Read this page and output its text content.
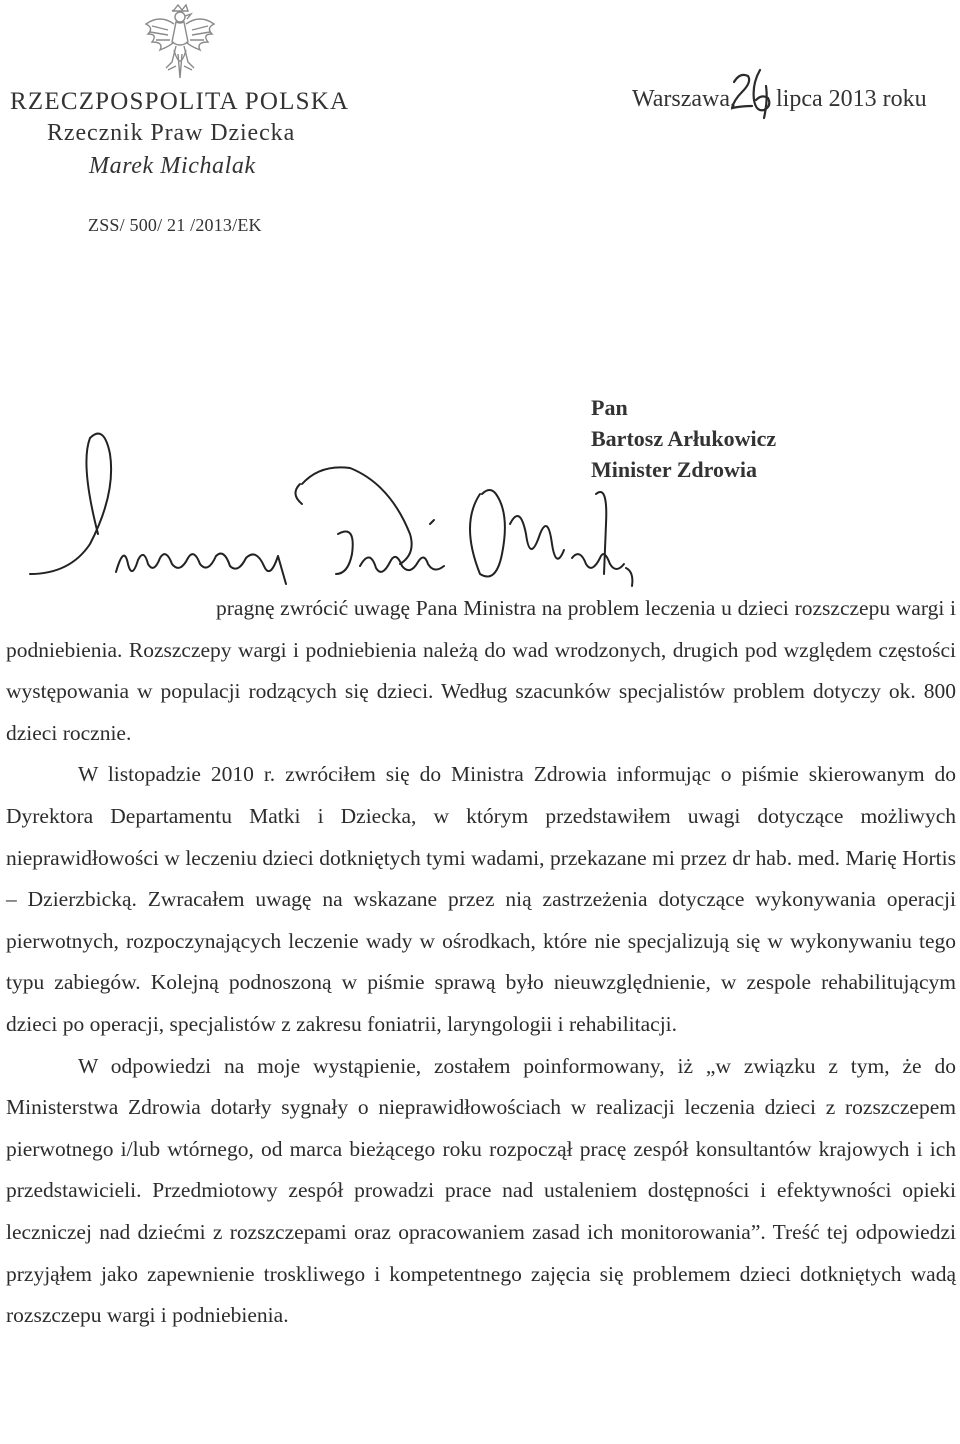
RZECZPOSPOLITA POLSKA
Rzecznik Praw Dziecka
Marek Michalak
ZSS/ 500/ 21 /2013/EK
Warszawa, lipca 2013 roku
Pan
Bartosz Arłukowicz
Minister Zdrowia

pragnę zwrócić uwagę Pana Ministra na problem leczenia u dzieci rozszczepu wargi i podniebienia. Rozszczepy wargi i podniebienia należą do wad wrodzonych, drugich pod względem częstości występowania w populacji rodzących się dzieci. Według szacunków specjalistów problem dotyczy ok. 800 dzieci rocznie.

W listopadzie 2010 r. zwróciłem się do Ministra Zdrowia informując o piśmie skierowanym do Dyrektora Departamentu Matki i Dziecka, w którym przedstawiłem uwagi dotyczące możliwych nieprawidłowości w leczeniu dzieci dotkniętych tymi wadami, przekazane mi przez dr hab. med. Marię Hortis – Dzierzbicką. Zwracałem uwagę na wskazane przez nią zastrzeżenia dotyczące wykonywania operacji pierwotnych, rozpoczynających leczenie wady w ośrodkach, które nie specjalizują się w wykonywaniu tego typu zabiegów. Kolejną podnoszoną w piśmie sprawą było nieuwzględnienie, w zespole rehabilitującym dzieci po operacji, specjalistów z zakresu foniatrii, laryngologii i rehabilitacji.

W odpowiedzi na moje wystąpienie, zostałem poinformowany, iż „w związku z tym, że do Ministerstwa Zdrowia dotarły sygnały o nieprawidłowościach w realizacji leczenia dzieci z rozszczepem pierwotnego i/lub wtórnego, od marca bieżącego roku rozpoczął pracę zespół konsultantów krajowych i ich przedstawicieli. Przedmiotowy zespół prowadzi prace nad ustaleniem dostępności i efektywności opieki leczniczej nad dziećmi z rozszczepami oraz opracowaniem zasad ich monitorowania”. Treść tej odpowiedzi przyjąłem jako zapewnienie troskliwego i kompetentnego zajęcia się problemem dzieci dotkniętych wadą rozszczepu wargi i podniebienia.
